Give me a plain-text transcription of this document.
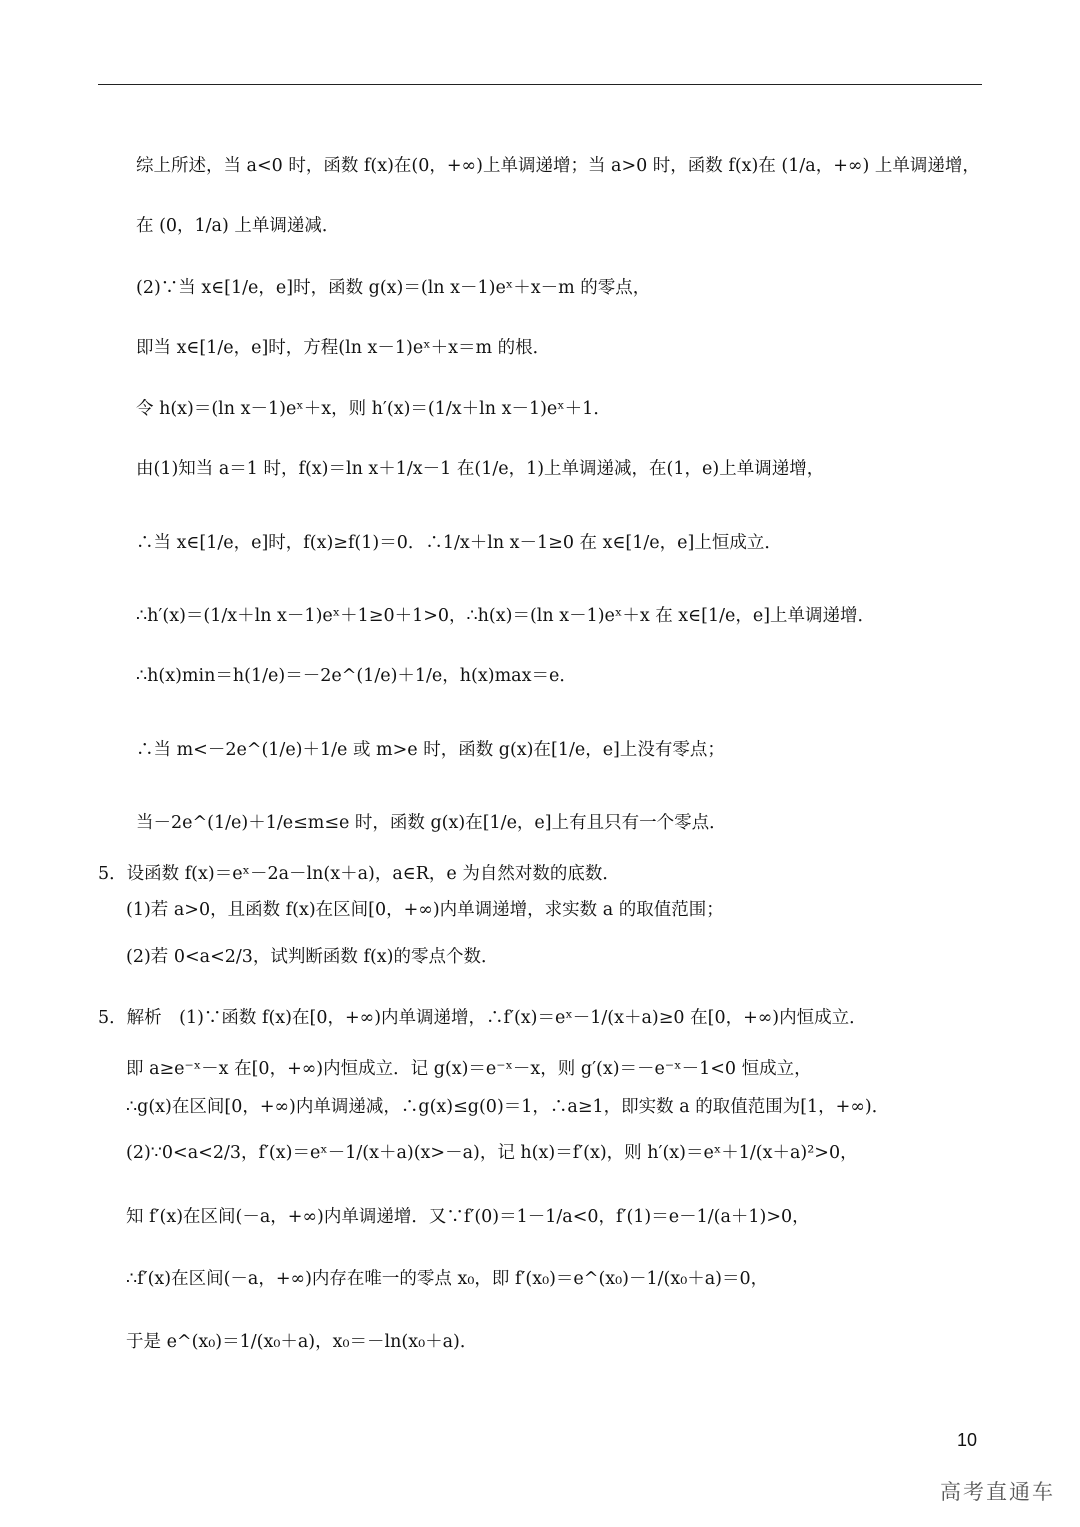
综上所述，当 a<0 时，函数 f(x)在(0，+∞)上单调递增；当 a>0 时，函数 f(x)在 (1/a，+∞) 上单调递增，
在 (0，1/a) 上单调递减．
(2)∵当 x∈[1/e，e]时，函数 g(x)＝(ln x－1)eˣ＋x－m 的零点，
即当 x∈[1/e，e]时，方程(ln x－1)eˣ＋x＝m 的根．
令 h(x)＝(ln x－1)eˣ＋x，则 h′(x)＝(1/x＋ln x－1)eˣ＋1．
由(1)知当 a＝1 时，f(x)＝ln x＋1/x－1 在(1/e，1)上单调递减，在(1，e)上单调递增，
∴当 x∈[1/e，e]时，f(x)≥f(1)＝0．∴1/x＋ln x－1≥0 在 x∈[1/e，e]上恒成立．
∴h′(x)＝(1/x＋ln x－1)eˣ＋1≥0＋1>0，∴h(x)＝(ln x－1)eˣ＋x 在 x∈[1/e，e]上单调递增．
∴h(x)min＝h(1/e)＝－2e^(1/e)＋1/e，h(x)max＝e．
∴当 m<－2e^(1/e)＋1/e 或 m>e 时，函数 g(x)在[1/e，e]上没有零点；
当－2e^(1/e)＋1/e≤m≤e 时，函数 g(x)在[1/e，e]上有且只有一个零点．
5．设函数 f(x)＝eˣ－2a－ln(x＋a)，a∈R，e 为自然对数的底数．
(1)若 a>0，且函数 f(x)在区间[0，+∞)内单调递增，求实数 a 的取值范围；
(2)若 0<a<2/3，试判断函数 f(x)的零点个数．
5．解析　(1)∵函数 f(x)在[0，+∞)内单调递增，∴f′(x)＝eˣ－1/(x＋a)≥0 在[0，+∞)内恒成立．
即 a≥e⁻ˣ－x 在[0，+∞)内恒成立．记 g(x)＝e⁻ˣ－x，则 g′(x)＝－e⁻ˣ－1<0 恒成立，
∴g(x)在区间[0，+∞)内单调递减，∴g(x)≤g(0)＝1，∴a≥1，即实数 a 的取值范围为[1，+∞)．
(2)∵0<a<2/3，f′(x)＝eˣ－1/(x＋a)(x>－a)，记 h(x)＝f′(x)，则 h′(x)＝eˣ＋1/(x＋a)²>0，
知 f′(x)在区间(－a，+∞)内单调递增．又∵f′(0)＝1－1/a<0，f′(1)＝e－1/(a＋1)>0，
∴f′(x)在区间(－a，+∞)内存在唯一的零点 x₀，即 f′(x₀)＝e^(x₀)－1/(x₀＋a)＝0，
于是 e^(x₀)＝1/(x₀＋a)，x₀＝－ln(x₀＋a)．
10
高考直通车
